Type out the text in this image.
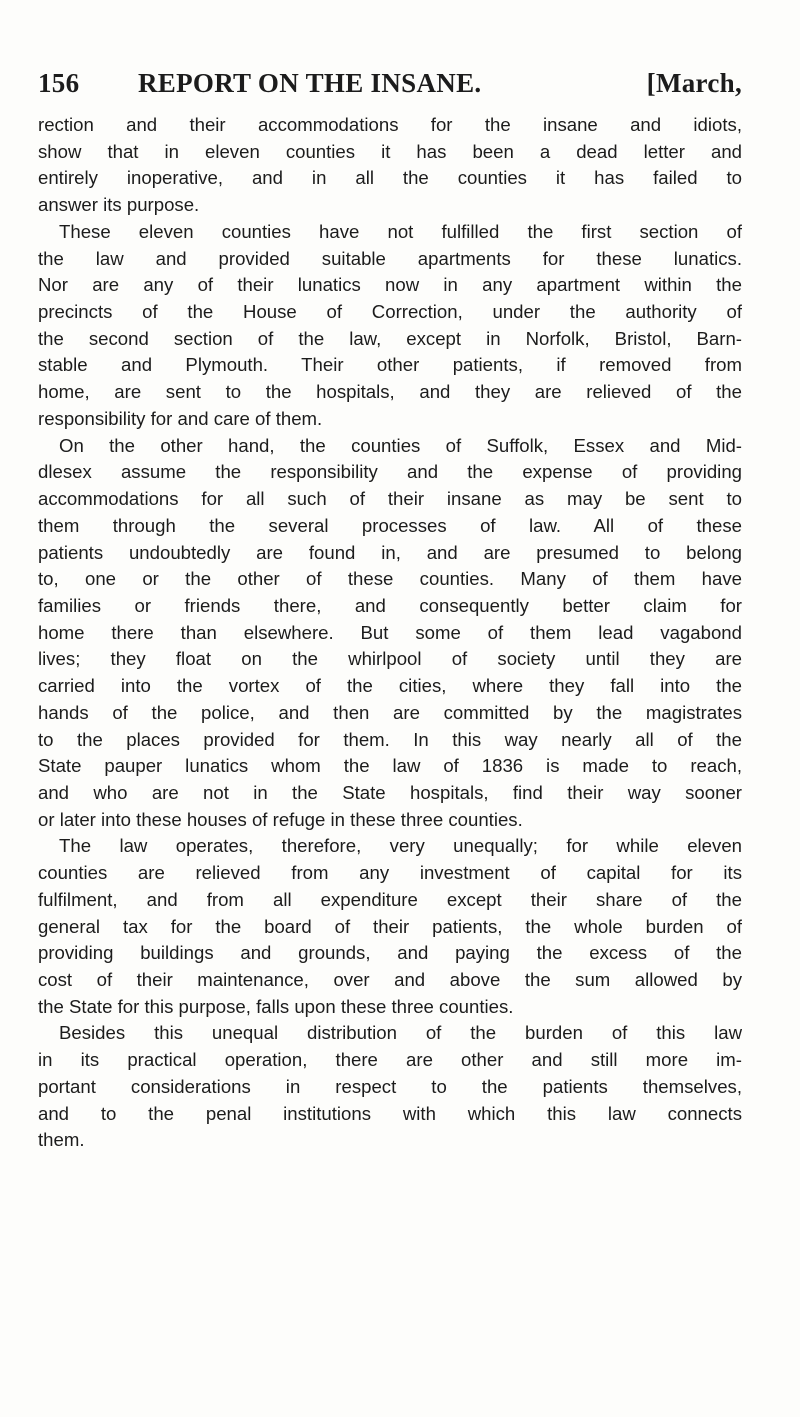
156 REPORT ON THE INSANE.	[March,
rection and their accommodations for the insane and idiots,
show that in eleven counties it has been a dead letter and
entirely inoperative, and in all the counties it has failed to
answer its purpose.
These eleven counties have not fulfilled the first section of
the law and provided suitable apartments for these lunatics.
Nor are any of their lunatics now in any apartment within the
precincts of the House of Correction, under the authority of
the second section of the law, except in Norfolk, Bristol, Barn-
stable and Plymouth. Their other patients, if removed from
home, are sent to the hospitals, and they are relieved of the
responsibility for and care of them.
On the other hand, the counties of Suffolk, Essex and Mid-
dlesex assume the responsibility and the expense of providing
accommodations for all such of their insane as may be sent to
them through the several processes of law. All of these
patients undoubtedly are found in, and are presumed to belong
to, one or the other of these counties. Many of them have
families or friends there, and consequently better claim for
home there than elsewhere. But some of them lead vagabond
lives; they float on the whirlpool of society until they are
carried into the vortex of the cities, where they fall into the
hands of the police, and then are committed by the magistrates
to the places provided for them. In this way nearly all of the
State pauper lunatics whom the law of 1836 is made to reach,
and who are not in the State hospitals, find their way sooner
or later into these houses of refuge in these three counties.
The law operates, therefore, very unequally; for while eleven
counties are relieved from any investment of capital for its
fulfilment, and from all expenditure except their share of the
general tax for the board of their patients, the whole burden of
providing buildings and grounds, and paying the excess of the
cost of their maintenance, over and above the sum allowed by
the State for this purpose, falls upon these three counties.
Besides this unequal distribution of the burden of this law
in its practical operation, there are other and still more im-
portant considerations in respect to the patients themselves,
and to the penal institutions with which this law connects
them.
